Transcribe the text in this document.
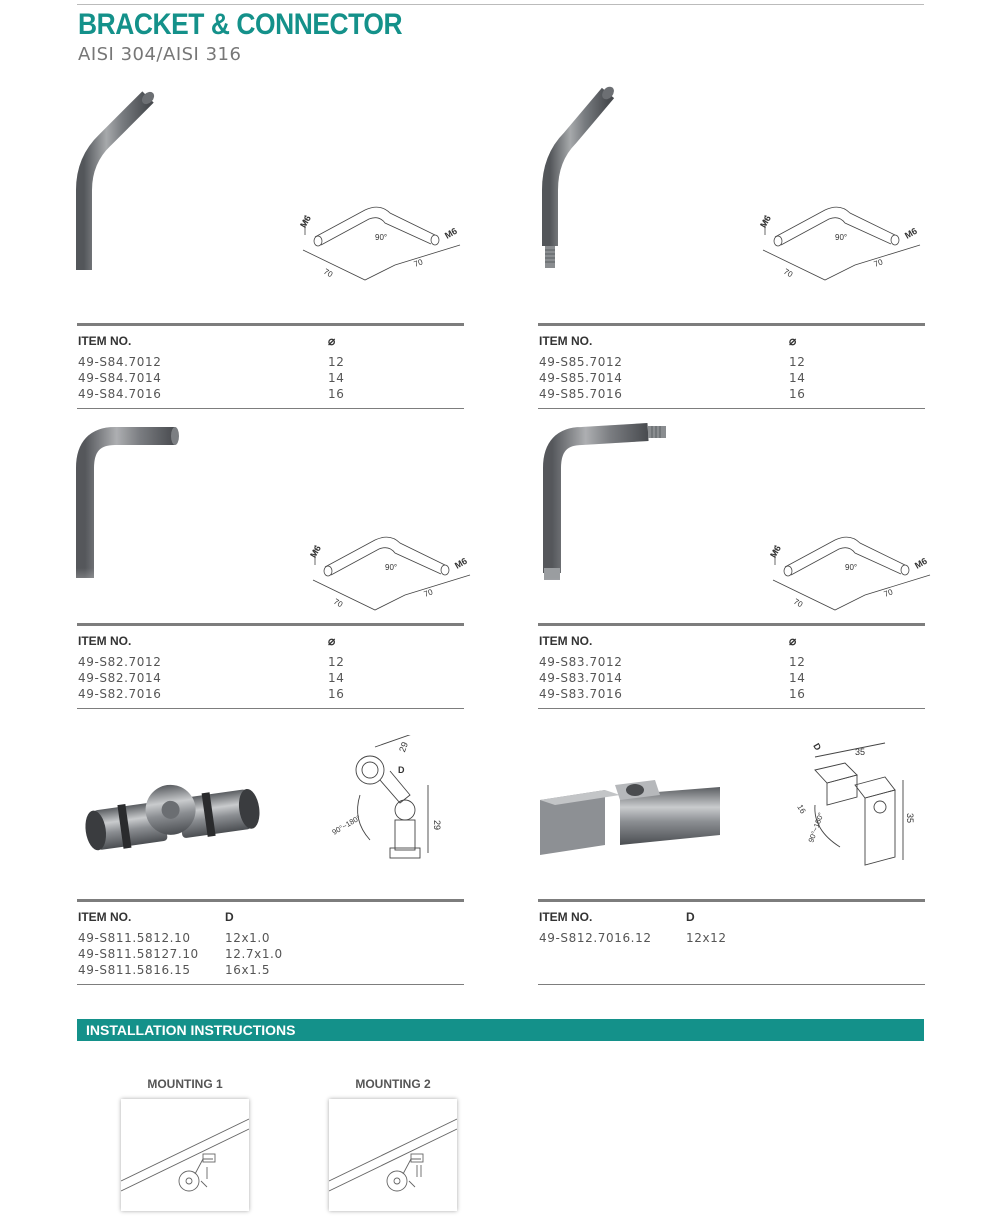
BRACKET & CONNECTOR
AISI 304/AISI 316
M6
90°	M6
70
70
ITEM NO.	⌀
49-S84.7012	12
49-S84.7014	14
49-S84.7016	16
M6
90°	M6
70
70
ITEM NO.	⌀
49-S85.7012	12
49-S85.7014	14
49-S85.7016	16
M6
90°	M6
70
70
ITEM NO.	⌀
49-S82.7012	12
49-S82.7014	14
49-S82.7016	16
M6
90°	M6
70
70
ITEM NO.	⌀
49-S83.7012	12
49-S83.7014	14
49-S83.7016	16
29
D
29
90°~180°
ITEM NO.	D
49-S811.5812.10	12x1.0
49-S811.58127.10 12.7x1.0
49-S811.5816.15	16x1.5
D	35
16
35
90°~180°
ITEM NO.	D
49-S812.7016.12	12x12
INSTALLATION INSTRUCTIONS
MOUNTING 1	MOUNTING 2
